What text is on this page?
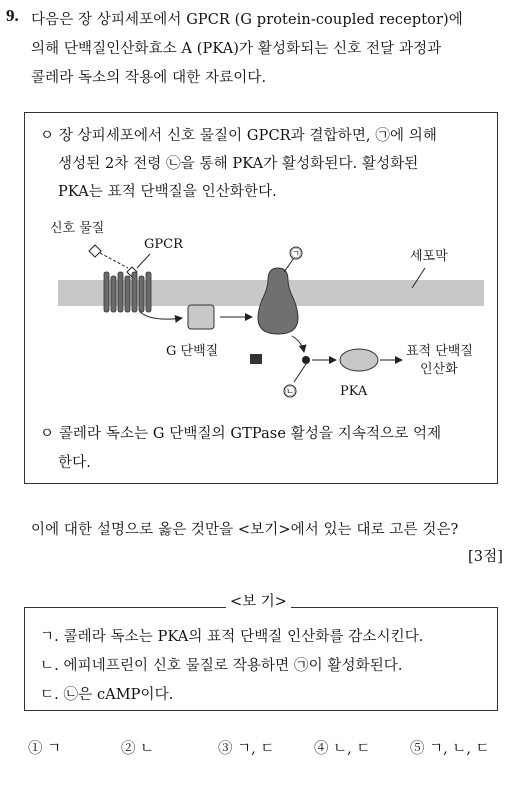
9. 다음은 장 상피세포에서 GPCR (G protein-coupled receptor)에
의해 단백질인산화효소 A (PKA)가 활성화되는 신호 전달 과정과
콜레라 독소의 작용에 대한 자료이다.
ㅇ 장 상피세포에서 신호 물질이 GPCR과 결합하면, ㉠에 의해
생성된 2차 전령 ㉡을 통해 PKA가 활성화된다. 활성화된
PKA는 표적 단백질을 인산화한다.
세포막
신호 물질
GPCR
G 단백질
㉠
㉡	PKA
표적 단백질
인산화
ㅇ 콜레라 독소는 G 단백질의 GTPase 활성을 지속적으로 억제
한다.
이에 대한 설명으로 옳은 것만을 <보기>에서 있는 대로 고른 것은?
[3점]
<보 기>
ㄱ. 콜레라 독소는 PKA의 표적 단백질 인산화를 감소시킨다.
ㄴ. 에피네프린이 신호 물질로 작용하면 ㉠이 활성화된다.
ㄷ. ㉡은 cAMP이다.
① ㄱ	② ㄴ	③ ㄱ, ㄷ	④ ㄴ, ㄷ	⑤ ㄱ, ㄴ, ㄷ
